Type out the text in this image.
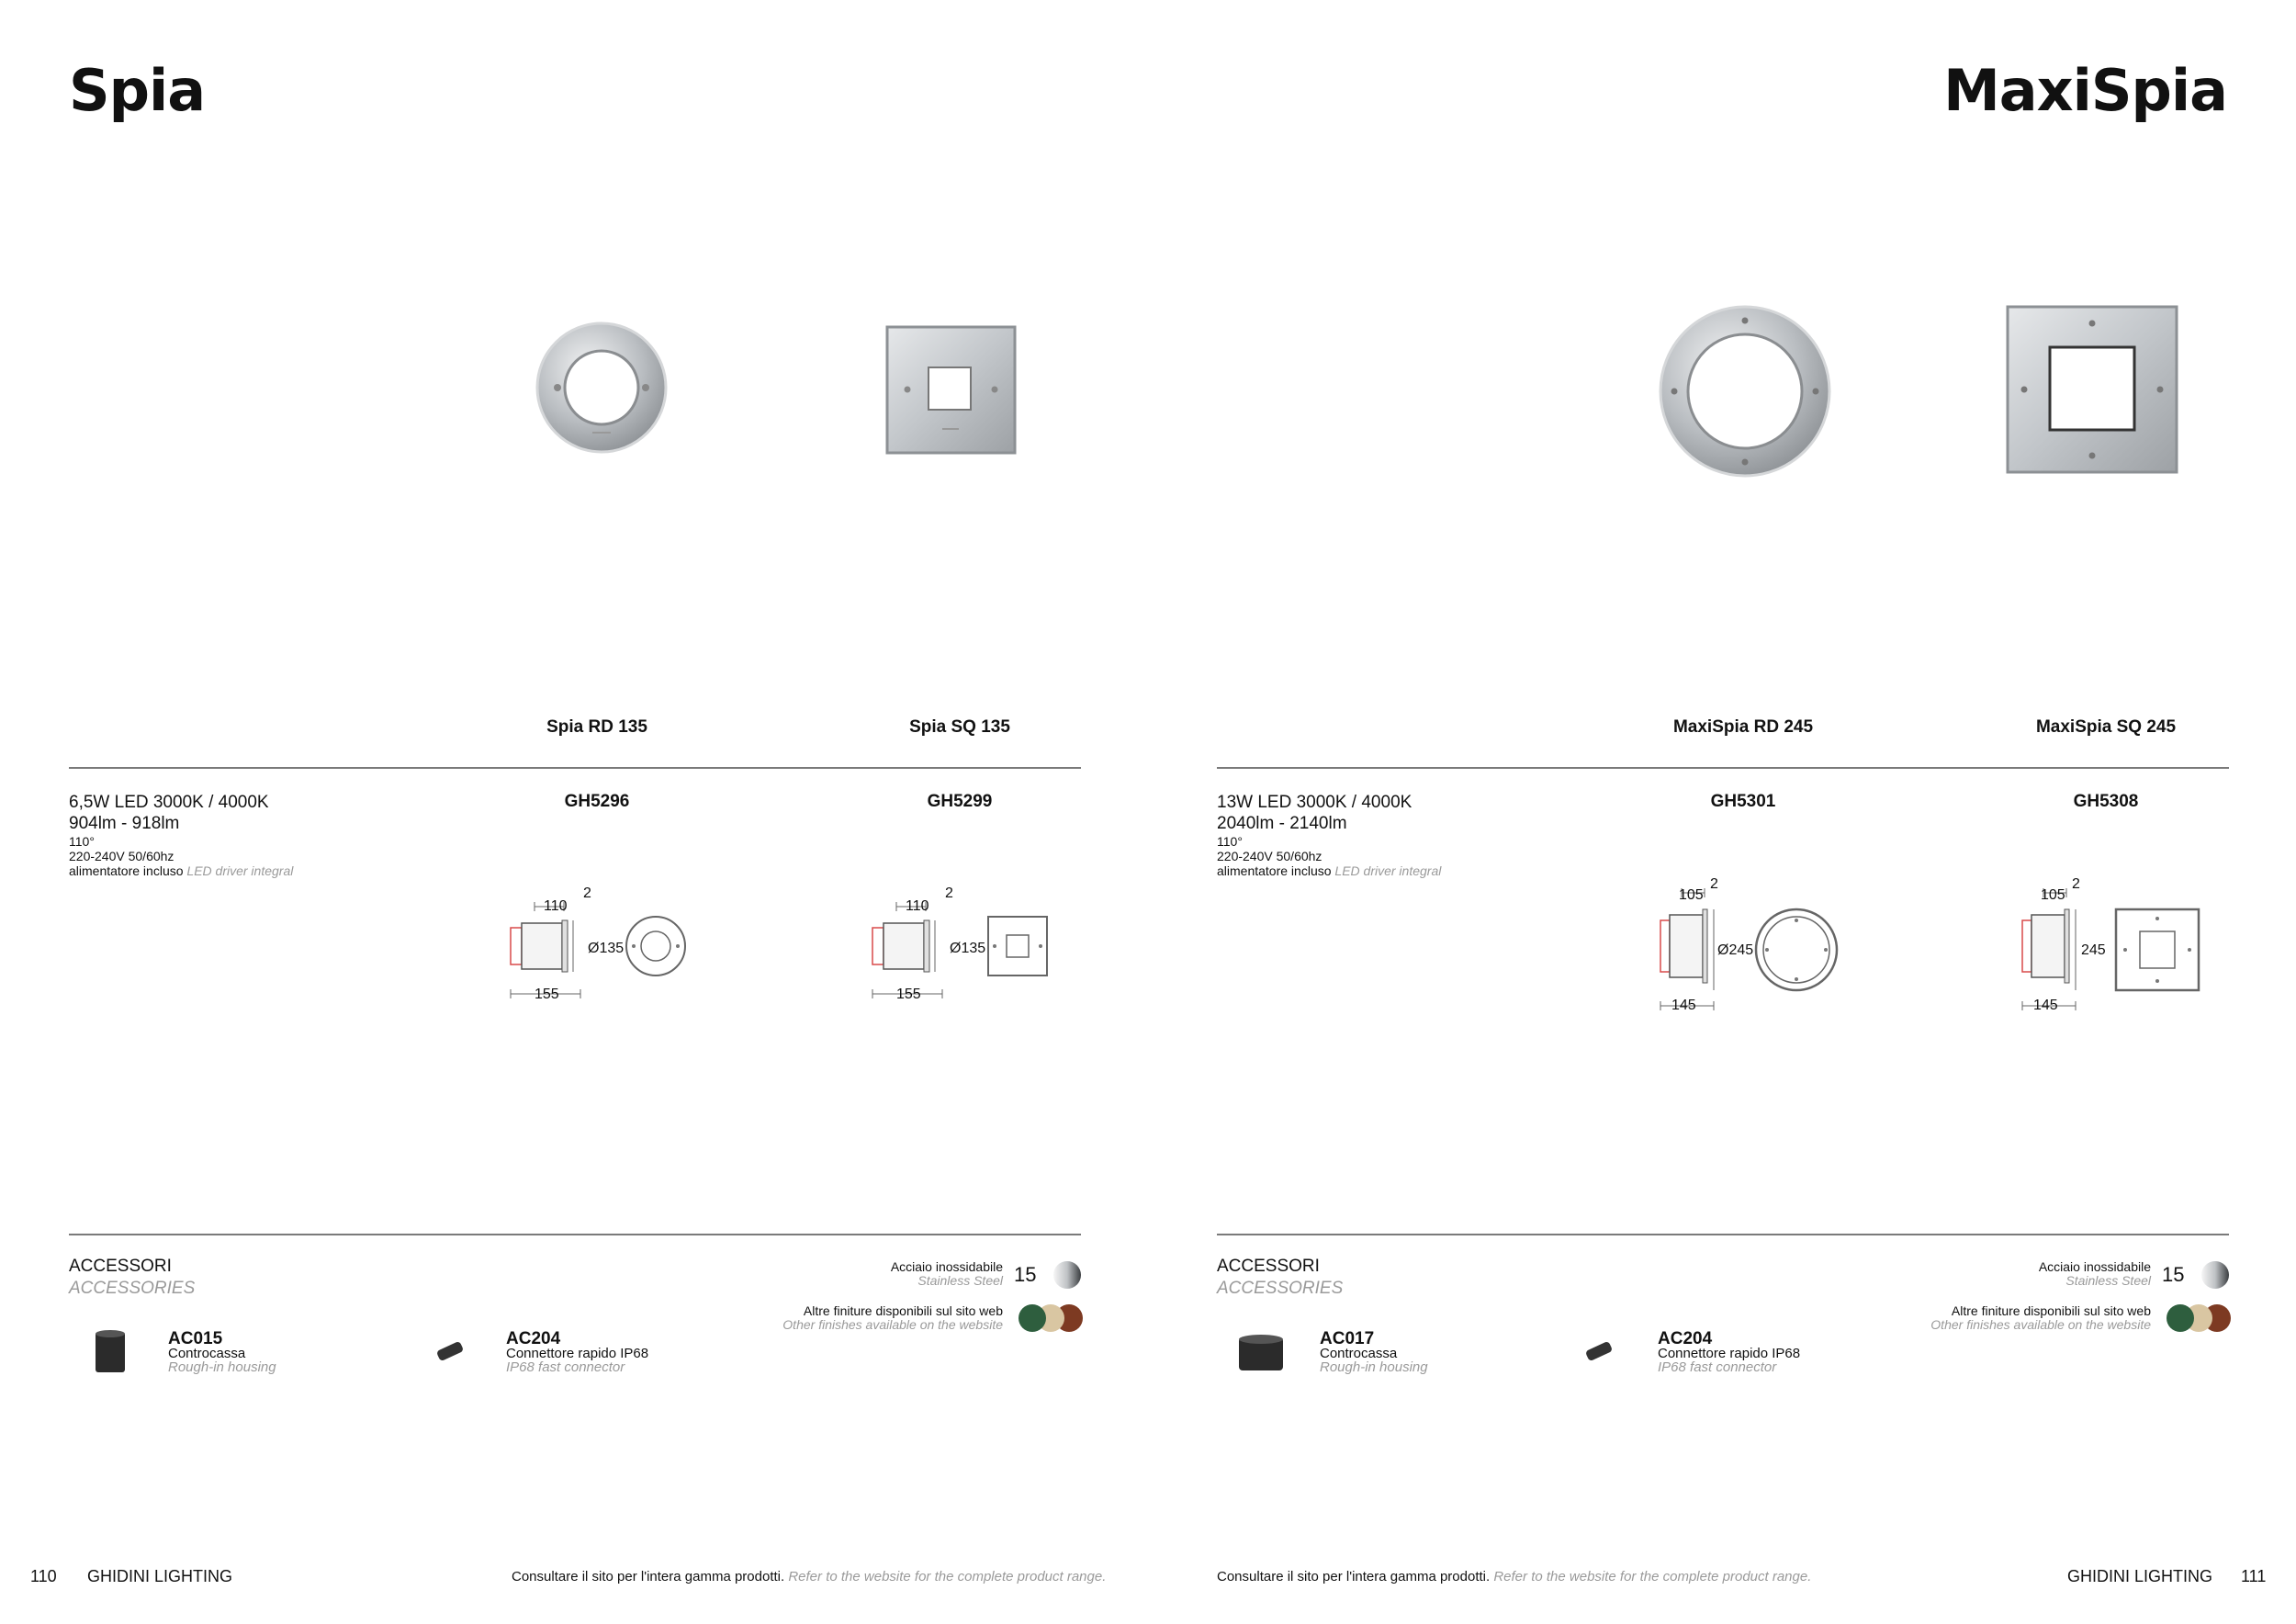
Spia
Spia RD 135	Spia SQ 135
6,5W LED 3000K / 4000K
904lm - 918lm
110°
220-240V 50/60hz
alimentatore incluso LED driver integral
GH5296	GH5299
110
2
Ø135
155
110
2
Ø135
155
ACCESSORI
ACCESSORIES
AC015
Controcassa
Rough-in housing
AC204
Connettore rapido IP68
IP68 fast connector
Acciaio inossidabile
Stainless Steel 15
Altre finiture disponibili sul sito web
Other finishes available on the website
110 GHIDINI LIGHTING	Consultare il sito per l'intera gamma prodotti. Refer to the website for the complete product range.
MaxiSpia
MaxiSpia RD 245	MaxiSpia SQ 245
13W LED 3000K / 4000K
2040lm - 2140lm
110°
220-240V 50/60hz
alimentatore incluso LED driver integral
GH5301	GH5308
105
2
Ø245
145
105
2
245
145
ACCESSORI
ACCESSORIES
AC017
Controcassa
Rough-in housing
AC204
Connettore rapido IP68
IP68 fast connector
Acciaio inossidabile
Stainless Steel 15
Altre finiture disponibili sul sito web
Other finishes available on the website
Consultare il sito per l'intera gamma prodotti. Refer to the website for the complete product range.	GHIDINI LIGHTING 111
